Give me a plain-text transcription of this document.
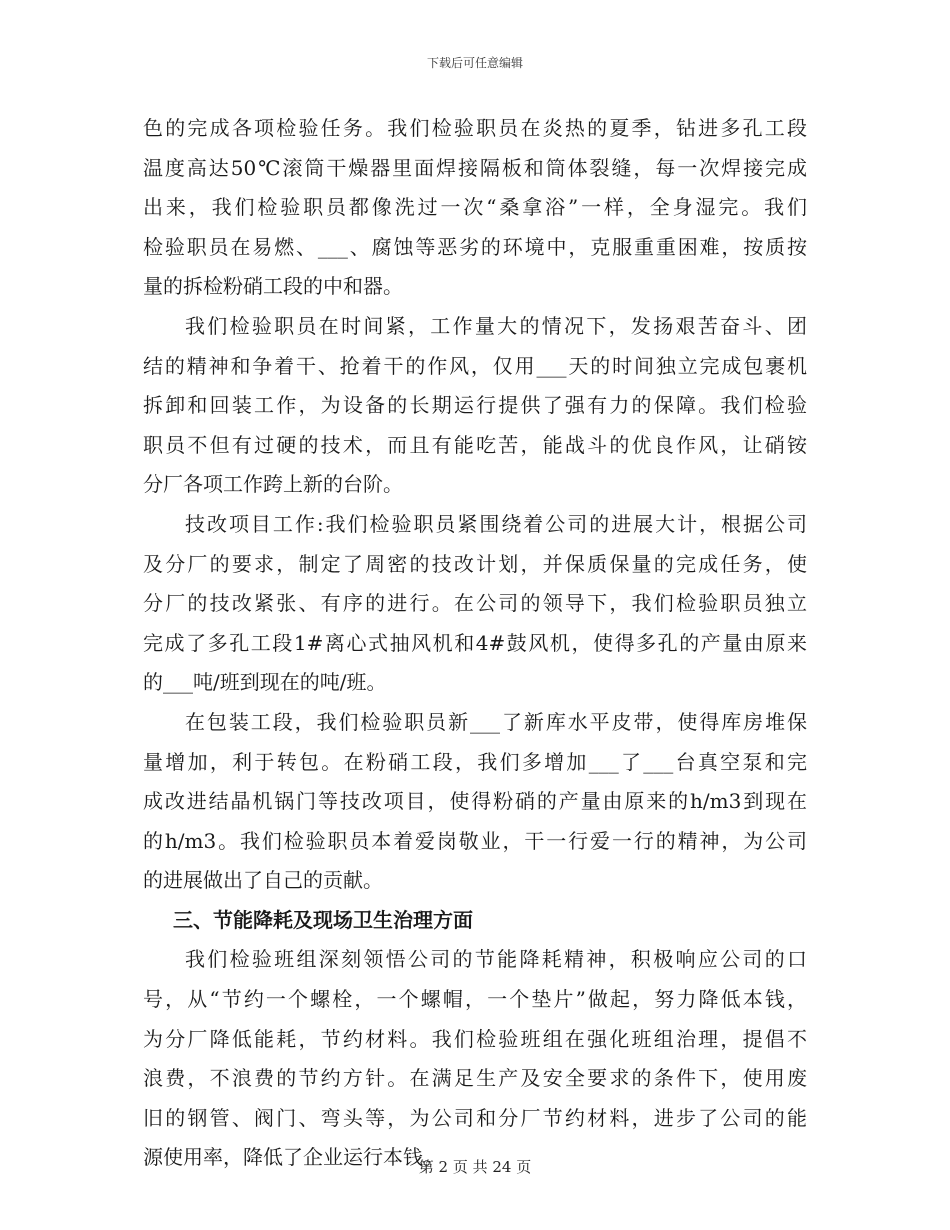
下载后可任意编辑
色的完成各项检验任务。我们检验职员在炎热的夏季，钻进多孔工段
温度高达50℃滚筒干燥器里面焊接隔板和筒体裂缝，每一次焊接完成
出来，我们检验职员都像洗过一次“桑拿浴”一样，全身湿完。我们
检验职员在易燃、___、腐蚀等恶劣的环境中，克服重重困难，按质按
量的拆检粉硝工段的中和器。
我们检验职员在时间紧，工作量大的情况下，发扬艰苦奋斗、团
结的精神和争着干、抢着干的作风，仅用___天的时间独立完成包裹机
拆卸和回装工作，为设备的长期运行提供了强有力的保障。我们检验
职员不但有过硬的技术，而且有能吃苦，能战斗的优良作风，让硝铵
分厂各项工作跨上新的台阶。
技改项目工作:我们检验职员紧围绕着公司的进展大计，根据公司
及分厂的要求，制定了周密的技改计划，并保质保量的完成任务，使
分厂的技改紧张、有序的进行。在公司的领导下，我们检验职员独立
完成了多孔工段1#离心式抽风机和4#鼓风机，使得多孔的产量由原来
的___吨/班到现在的吨/班。
在包装工段，我们检验职员新___了新库水平皮带，使得库房堆保
量增加，利于转包。在粉硝工段，我们多增加___了___台真空泵和完
成改进结晶机锅门等技改项目，使得粉硝的产量由原来的h/m3到现在
的h/m3。我们检验职员本着爱岗敬业，干一行爱一行的精神，为公司
的进展做出了自己的贡献。
三、节能降耗及现场卫生治理方面
我们检验班组深刻领悟公司的节能降耗精神，积极响应公司的口
号，从“节约一个螺栓，一个螺帽，一个垫片”做起，努力降低本钱，
为分厂降低能耗，节约材料。我们检验班组在强化班组治理，提倡不
浪费，不浪费的节约方针。在满足生产及安全要求的条件下，使用废
旧的钢管、阀门、弯头等，为公司和分厂节约材料，进步了公司的能
源使用率，降低了企业运行本钱。
第 2 页 共 24 页
